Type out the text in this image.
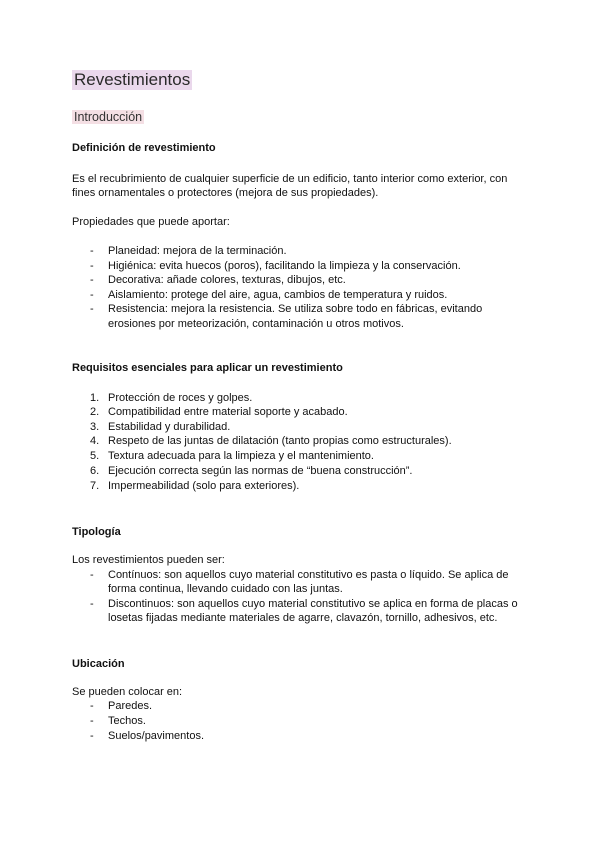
Revestimientos
Introducción
Definición de revestimiento
Es el recubrimiento de cualquier superficie de un edificio, tanto interior como exterior, con
fines ornamentales o protectores (mejora de sus propiedades).
Propiedades que puede aportar:
- Planeidad: mejora de la terminación.
- Higiénica: evita huecos (poros), facilitando la limpieza y la conservación.
- Decorativa: añade colores, texturas, dibujos, etc.
- Aislamiento: protege del aire, agua, cambios de temperatura y ruidos.
- Resistencia: mejora la resistencia. Se utiliza sobre todo en fábricas, evitando
erosiones por meteorización, contaminación u otros motivos.
Requisitos esenciales para aplicar un revestimiento
1. Protección de roces y golpes.
2. Compatibilidad entre material soporte y acabado.
3. Estabilidad y durabilidad.
4. Respeto de las juntas de dilatación (tanto propias como estructurales).
5. Textura adecuada para la limpieza y el mantenimiento.
6. Ejecución correcta según las normas de “buena construcción”.
7. Impermeabilidad (solo para exteriores).
Tipología
Los revestimientos pueden ser:
- Contínuos: son aquellos cuyo material constitutivo es pasta o líquido. Se aplica de
forma continua, llevando cuidado con las juntas.
- Discontinuos: son aquellos cuyo material constitutivo se aplica en forma de placas o
losetas fijadas mediante materiales de agarre, clavazón, tornillo, adhesivos, etc.
Ubicación
Se pueden colocar en:
- Paredes.
- Techos.
- Suelos/pavimentos.
